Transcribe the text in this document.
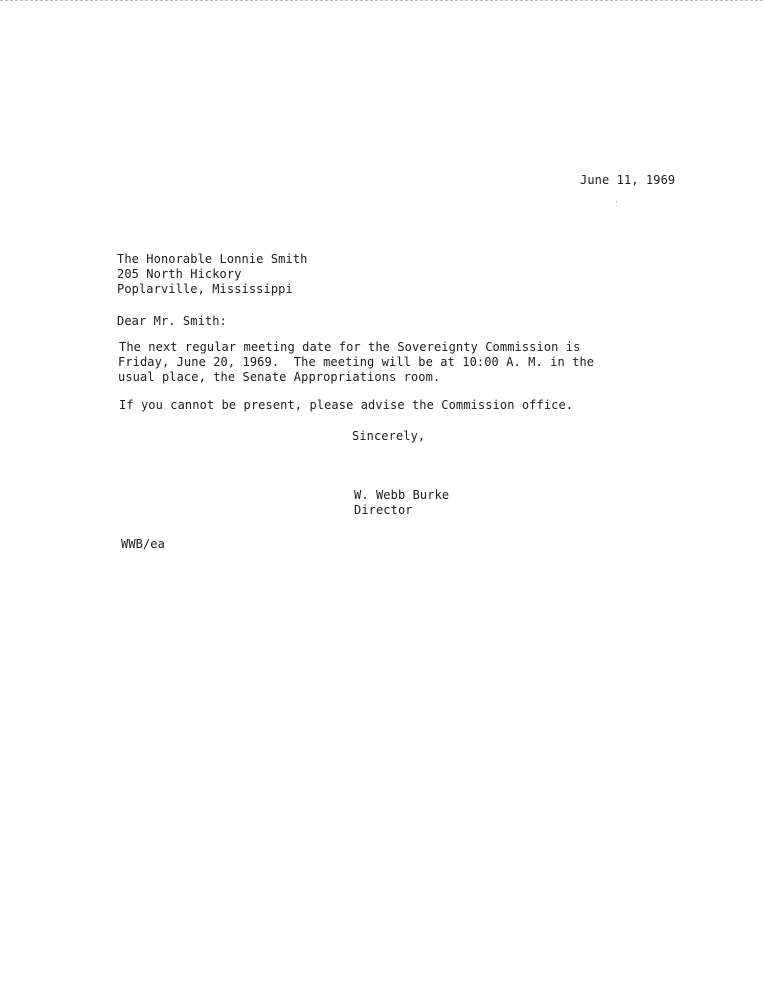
June 11, 1969
The Honorable Lonnie Smith
205 North Hickory
Poplarville, Mississippi
Dear Mr. Smith:
The next regular meeting date for the Sovereignty Commission is
Friday, June 20, 1969.  The meeting will be at 10:00 A. M. in the
usual place, the Senate Appropriations room.
If you cannot be present, please advise the Commission office.
Sincerely,
W. Webb Burke
Director
WWB/ea
